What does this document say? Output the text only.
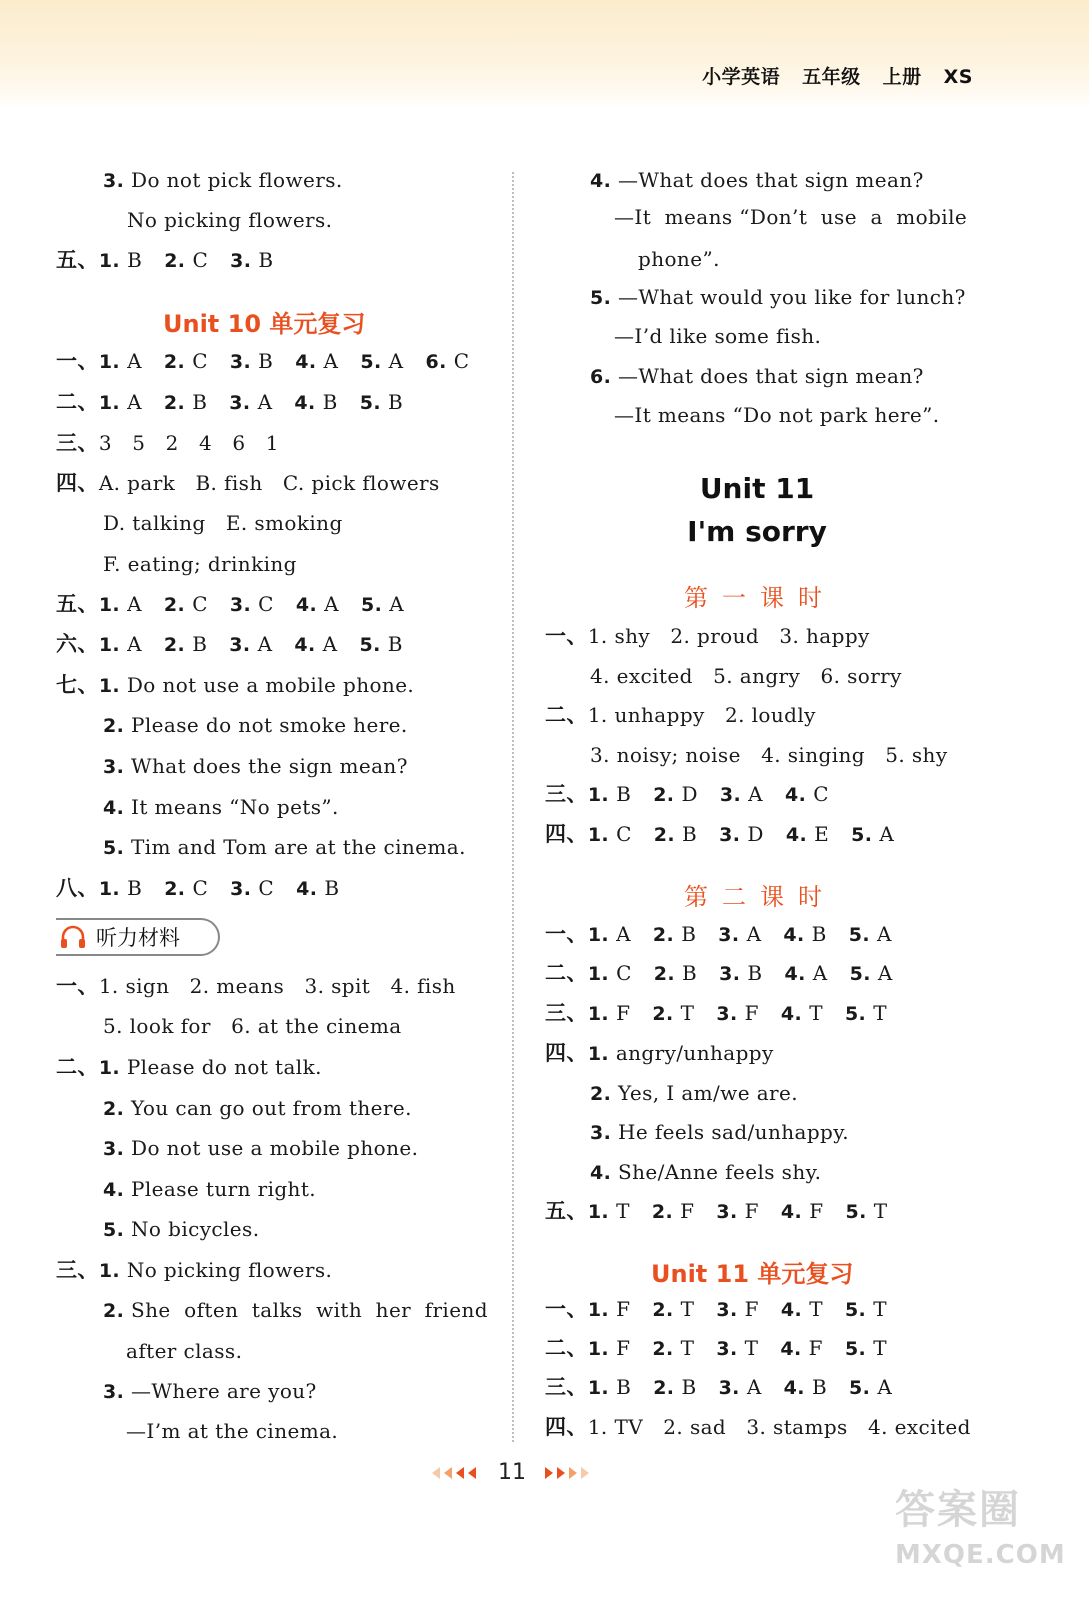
小学英语 五年级 上册 XS
3. Do not pick flowers.
No picking flowers.
五、1. B 2. C 3. B
Unit 10 单元复习
一、1. A 2. C 3. B 4. A 5. A 6. C
二、1. A 2. B 3. A 4. B 5. B
三、3   5   2   4   6   1
四、A. park   B. fish   C. pick flowers
D. talking   E. smoking
F. eating; drinking
五、1. A 2. C 3. C 4. A 5. A
六、1. A 2. B 3. A 4. A 5. B
七、1. Do not use a mobile phone.
2. Please do not smoke here.
3. What does the sign mean?
4. It means “No pets”.
5. Tim and Tom are at the cinema.
八、1. B 2. C 3. C 4. B
听力材料
一、1. sign   2. means   3. spit   4. fish
5. look for   6. at the cinema
二、1. Please do not talk.
2. You can go out from there.
3. Do not use a mobile phone.
4. Please turn right.
5. No bicycles.
三、1. No picking flowers.
2. She  often  talks  with  her  friend
after class.
3. —Where are you?
—I’m at the cinema.
4. —What does that sign mean?
—It  means “Don’t  use  a  mobile
phone”.
5. —What would you like for lunch?
—I’d like some fish.
6. —What does that sign mean?
—It means “Do not park here”.
Unit 11
I'm sorry
第一课时
一、1. shy   2. proud   3. happy
4. excited   5. angry   6. sorry
二、1. unhappy   2. loudly
3. noisy; noise   4. singing   5. shy
三、1. B 2. D 3. A 4. C
四、1. C 2. B 3. D 4. E 5. A
第二课时
一、1. A 2. B 3. A 4. B 5. A
二、1. C 2. B 3. B 4. A 5. A
三、1. F 2. T 3. F 4. T 5. T
四、1. angry/unhappy
2. Yes, I am/we are.
3. He feels sad/unhappy.
4. She/Anne feels shy.
五、1. T 2. F 3. F 4. F 5. T
Unit 11 单元复习
一、1. F 2. T 3. F 4. T 5. T
二、1. F 2. T 3. T 4. F 5. T
三、1. B 2. B 3. A 4. B 5. A
四、1. TV   2. sad   3. stamps   4. excited
11
答案圈
MXQE.COM
